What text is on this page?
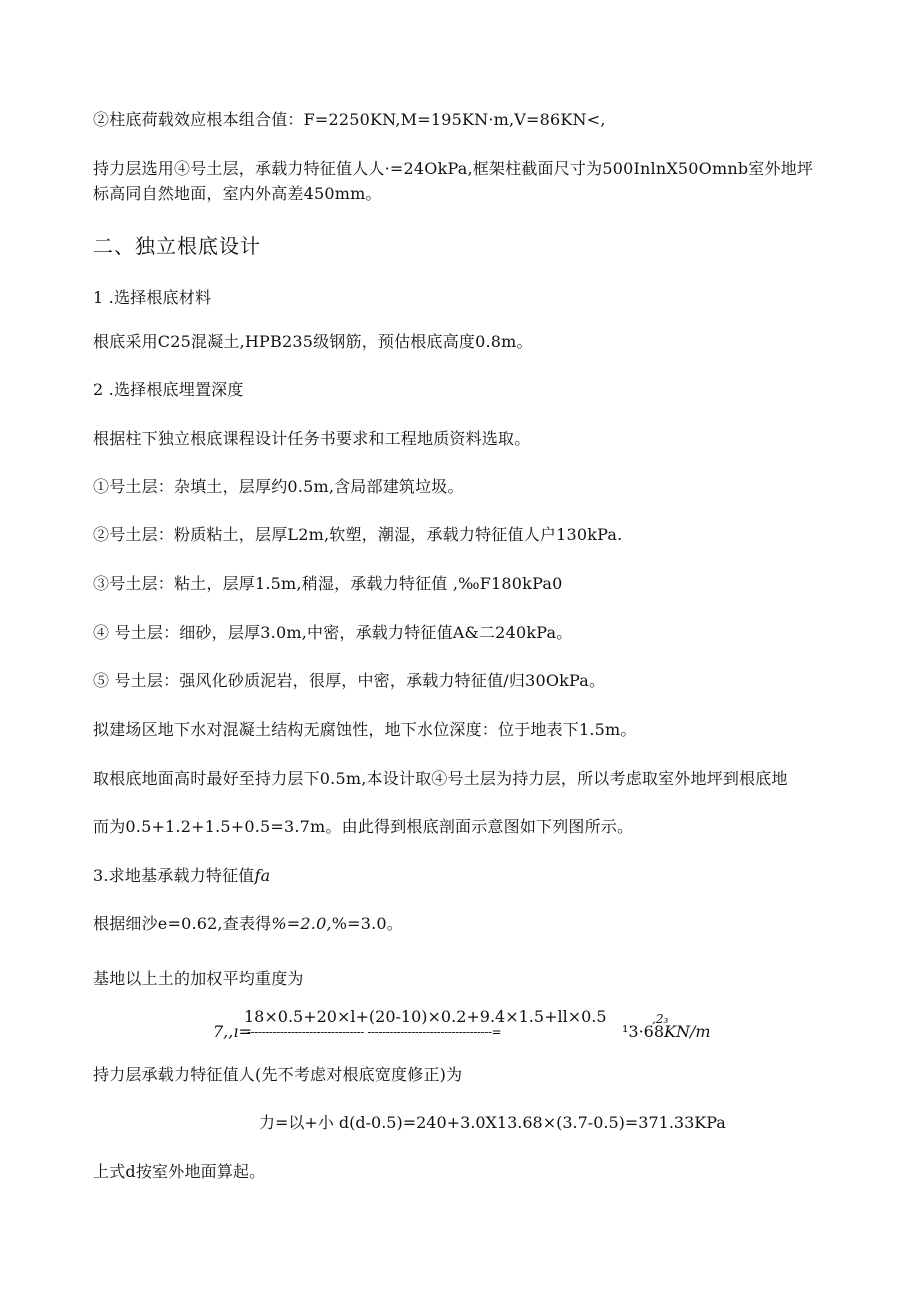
②柱底荷载效应根本组合值：F=2250KN,M=195KN·m,V=86KN<,
持力层选用④号土层，承载力特征值人人·=24OkPa,框架柱截面尺寸为500InlnX50Omnb室外地坪
标高同自然地面，室内外高差450mm。
二、独立根底设计
1 .选择根底材料
根底采用C25混凝土,HPB235级钢筋，预估根底高度0.8m。
2 .选择根底埋置深度
根据柱下独立根底课程设计任务书要求和工程地质资料选取。
①号土层：杂填土，层厚约0.5m,含局部建筑垃圾。
②号土层：粉质粘土，层厚L2m,软塑，潮湿，承载力特征值人户130kPa.
③号土层：粘土，层厚1.5m,稍湿，承载力特征值 ‚‰F180kPa0
④ 号土层：细砂，层厚3.0m,中密，承载力特征值A&二240kPa。
⑤ 号土层：强风化砂质泥岩，很厚，中密，承载力特征值/归30OkPa。
拟建场区地下水对混凝土结构无腐蚀性，地下水位深度：位于地表下1.5m。
取根底地面高时最好至持力层下0.5m,本设计取④号土层为持力层，所以考虑取室外地坪到根底地
而为0.5+1.2+1.5+0.5=3.7m。由此得到根底剖面示意图如下列图所示。
3.求地基承载力特征值fa
根据细沙e=0.62,查表得%=2.0,%=3.0。
基地以上土的加权平均重度为
18×0.5+20×l+(20-10)×0.2+9.4×1.5+ll×0.5	,2₃
7,,ı=
-------------------------------- ----------------------------------=	¹3·68KN/m
持力层承载力特征值人(先不考虑对根底宽度修正)为
力=以+小 d(d-0.5)=240+3.0X13.68×(3.7-0.5)=371.33KPa
上式d按室外地面算起。
